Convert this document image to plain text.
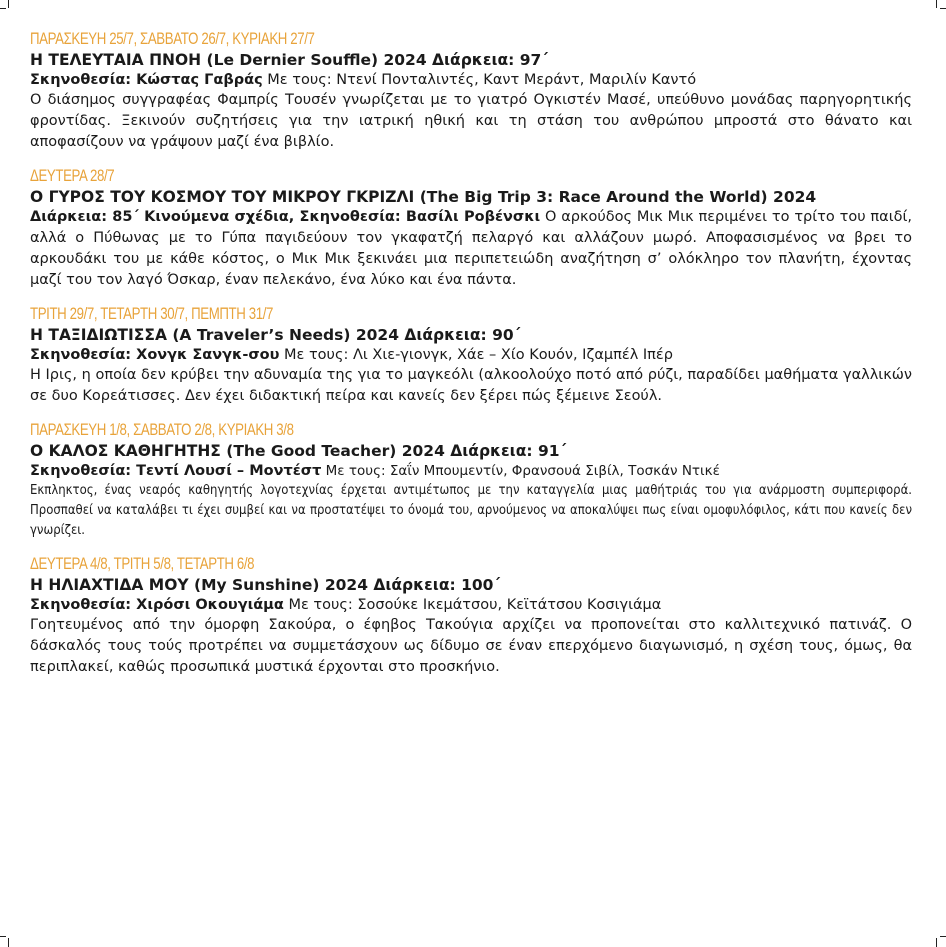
ΠΑΡΑΣΚΕΥΗ 25/7, ΣΑΒΒΑΤΟ 26/7, ΚΥΡΙΑΚΗ 27/7
Η ΤΕΛΕΥΤΑΙΑ ΠΝΟΗ (Le Dernier Souffle) 2024 Διάρκεια: 97΄
Σκηνοθεσία: Κώστας Γαβράς Με τους: Ντενί Πονταλιντές, Καντ Μεράντ, Μαριλίν Καντό
Ο διάσημος συγγραφέας Φαμπρίς Τουσέν γνωρίζεται με το γιατρό Ογκιστέν Μασέ, υπεύθυνο μονάδας παρηγορητικής φροντίδας. Ξεκινούν συζητήσεις για την ιατρική ηθική και τη στάση του ανθρώπου μπροστά στο θάνατο και αποφασίζουν να γράψουν μαζί ένα βιβλίο.
ΔΕΥΤΕΡΑ 28/7
Ο ΓΥΡΟΣ ΤΟΥ ΚΟΣΜΟΥ ΤΟΥ ΜΙΚΡΟΥ ΓΚΡΙΖΛΙ (The Big Trip 3: Race Around the World) 2024
Διάρκεια: 85΄ Κινούμενα σχέδια, Σκηνοθεσία: Βασίλι Ροβένσκι Ο αρκούδος Μικ Μικ περιμένει το τρίτο του παιδί, αλλά ο Πύθωνας με το Γύπα παγιδεύουν τον γκαφατζή πελαργό και αλλάζουν μωρό. Αποφασισμένος να βρει το αρκουδάκι του με κάθε κόστος, ο Μικ Μικ ξεκινάει μια περιπετειώδη αναζήτηση σ’ ολόκληρο τον πλανήτη, έχοντας μαζί του τον λαγό Όσκαρ, έναν πελεκάνο, ένα λύκο και ένα πάντα.
ΤΡΙΤΗ 29/7, ΤΕΤΑΡΤΗ 30/7, ΠΕΜΠΤΗ 31/7
Η ΤΑΞΙΔΙΩΤΙΣΣΑ (A Traveler’s Needs) 2024 Διάρκεια: 90΄
Σκηνοθεσία: Χονγκ Σανγκ-σου Με τους: Λι Χιε-γιονγκ, Χάε – Χίο Κουόν, Ιζαμπέλ Ιπέρ
Η Ιρις, η οποία δεν κρύβει την αδυναμία της για το μαγκεόλι (αλκοολούχο ποτό από ρύζι, παραδίδει μαθήματα γαλλικών σε δυο Κορεάτισσες. Δεν έχει διδακτική πείρα και κανείς δεν ξέρει πώς ξέμεινε Σεούλ.
ΠΑΡΑΣΚΕΥΗ 1/8, ΣΑΒΒΑΤΟ 2/8, ΚΥΡΙΑΚΗ 3/8
Ο ΚΑΛΟΣ ΚΑΘΗΓΗΤΗΣ (The Good Teacher) 2024 Διάρκεια: 91΄
Σκηνοθεσία: Τεντί Λουσί – Μοντέστ Με τους: Σαΐν Μπουμεντίν, Φρανσουά Σιβίλ, Τοσκάν Ντικέ
Εκπληκτος, ένας νεαρός καθηγητής λογοτεχνίας έρχεται αντιμέτωπος με την καταγγελία μιας μαθήτριάς του για ανάρμοστη συμπεριφορά. Προσπαθεί να καταλάβει τι έχει συμβεί και να προστατέψει το όνομά του, αρνούμενος να αποκαλύψει πως είναι ομοφυλόφιλος, κάτι που κανείς δεν γνωρίζει.
ΔΕΥΤΕΡΑ 4/8, ΤΡΙΤΗ 5/8, ΤΕΤΑΡΤΗ 6/8
Η ΗΛΙΑΧΤΙΔΑ ΜΟΥ (My Sunshine) 2024 Διάρκεια: 100΄
Σκηνοθεσία: Χιρόσι Οκουγιάμα Με τους: Σοσούκε Ικεμάτσου, Κεϊτάτσου Κοσιγιάμα
Γοητευμένος από την όμορφη Σακούρα, ο έφηβος Τακούγια αρχίζει να προπονείται στο καλλιτεχνικό πατινάζ. Ο δάσκαλός τους τούς προτρέπει να συμμετάσχουν ως δίδυμο σε έναν επερχόμενο διαγωνισμό, η σχέση τους, όμως, θα περιπλακεί, καθώς προσωπικά μυστικά έρχονται στο προσκήνιο.
